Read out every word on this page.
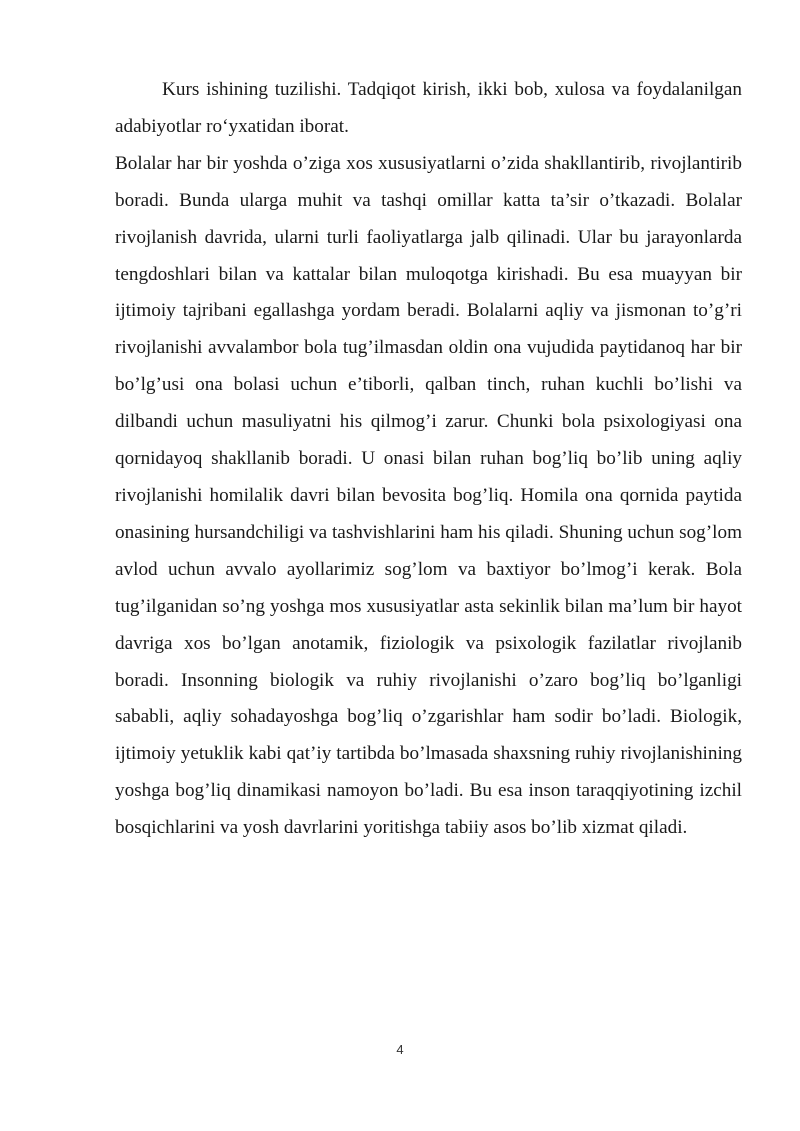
Kurs ishining tuzilishi. Tadqiqot kirish, ikki bob, xulosa va foydalanilgan adabiyotlar ro‘yxatidan iborat.

Bolalar har bir yoshda o’ziga xos xususiyatlarni o’zida shakllantirib, rivojlantirib boradi. Bunda ularga muhit va tashqi omillar katta ta’sir o’tkazadi. Bolalar rivojlanish davrida, ularni turli faoliyatlarga jalb qilinadi. Ular bu jarayonlarda tengdoshlari bilan va kattalar bilan muloqotga kirishadi. Bu esa muayyan bir ijtimoiy tajribani egallashga yordam beradi. Bolalarni aqliy va jismonan to’g’ri rivojlanishi avvalambor bola tug’ilmasdan oldin ona vujudida paytidanoq har bir bo’lg’usi ona bolasi uchun e’tiborli, qalban tinch, ruhan kuchli bo’lishi va dilbandi uchun masuliyatni his qilmog’i zarur. Chunki bola psixologiyasi ona qornidayoq shakllanib boradi. U onasi bilan ruhan bog’liq bo’lib uning aqliy rivojlanishi homilalik davri bilan bevosita bog’liq. Homila ona qornida paytida onasining hursandchiligi va tashvishlarini ham his qiladi. Shuning uchun sog’lom avlod uchun avvalo ayollarimiz sog’lom va baxtiyor bo’lmog’i kerak. Bola tug’ilganidan so’ng yoshga mos xususiyatlar asta sekinlik bilan ma’lum bir hayot davriga xos bo’lgan anotamik, fiziologik va psixologik fazilatlar rivojlanib boradi. Insonning biologik va ruhiy rivojlanishi o’zaro bog’liq bo’lganligi sababli, aqliy sohadayoshga bog’liq o’zgarishlar ham sodir bo’ladi. Biologik, ijtimoiy yetuklik kabi qat’iy tartibda bo’lmasada shaxsning ruhiy rivojlanishining yoshga bog’liq dinamikasi namoyon bo’ladi. Bu esa inson taraqqiyotining izchil bosqichlarini va yosh davrlarini yoritishga tabiiy asos bo’lib xizmat qiladi.

4
